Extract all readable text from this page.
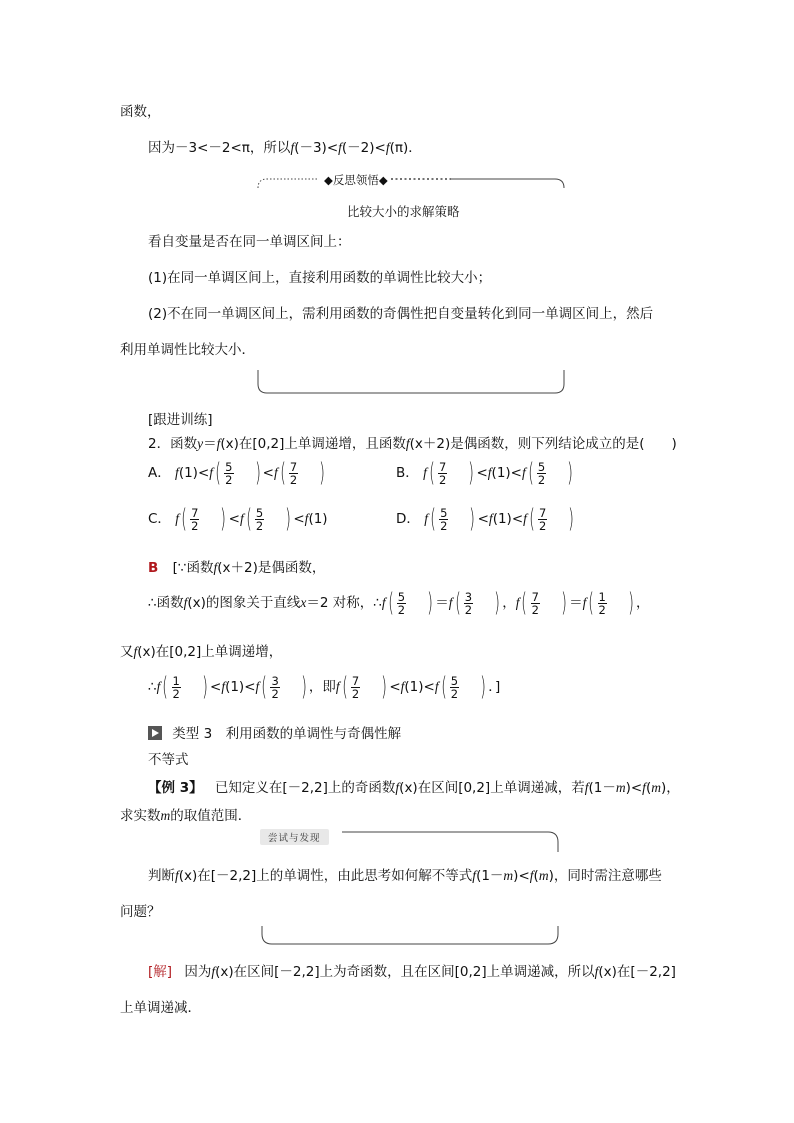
函数，
因为－3<－2<π，所以f(－3)<f(－2)<f(π)．
◆反思领悟◆
比较大小的求解策略
看自变量是否在同一单调区间上：
(1)在同一单调区间上，直接利用函数的单调性比较大小；
(2)不在同一单调区间上，需利用函数的奇偶性把自变量转化到同一单调区间上，然后
利用单调性比较大小．
[跟进训练]
2．函数y＝f(x)在[0,2]上单调递增，且函数f(x＋2)是偶函数，则下列结论成立的是(　　)
A． $f(1)<f( \frac{5}{2}$ ) $<f( \frac{7}{2}$ )	B． $f( \frac{7}{2}$ ) $<f(1)<f( \frac{5}{2}$ )
C． $f( \frac{7}{2}$ ) $<f( \frac{5}{2}$ ) <f(1)	D． $f( \frac{5}{2}$ ) $<f(1)<f( \frac{7}{2}$ )
B [∵函数f(x＋2)是偶函数，
∴函数f(x)的图象关于直线x＝2 对称，∴f( $\frac{5}{2}$ ) $=f( \frac{3}{2}$ ) ，$f( \frac{7}{2}$ ) $=f( \frac{1}{2}$ ) ，
又f(x)在[0,2]上单调递增，
∴f( $\frac{1}{2}$ ) $<f(1)<f( \frac{3}{2}$ ) ，即$f( \frac{7}{2}$ ) $<f(1)<f( \frac{5}{2}$ ) ．]
类型 3　利用函数的单调性与奇偶性解
不等式
【例 3】 已知定义在[－2,2]上的奇函数f(x)在区间[0,2]上单调递减，若f(1－m)<f(m)，
求实数m的取值范围．
尝试与发现
判断f(x)在[－2,2]上的单调性，由此思考如何解不等式f(1－m)<f(m)，同时需注意哪些
问题？
[解] 因为f(x)在区间[－2,2]上为奇函数，且在区间[0,2]上单调递减，所以f(x)在[－2,2]
上单调递减．
